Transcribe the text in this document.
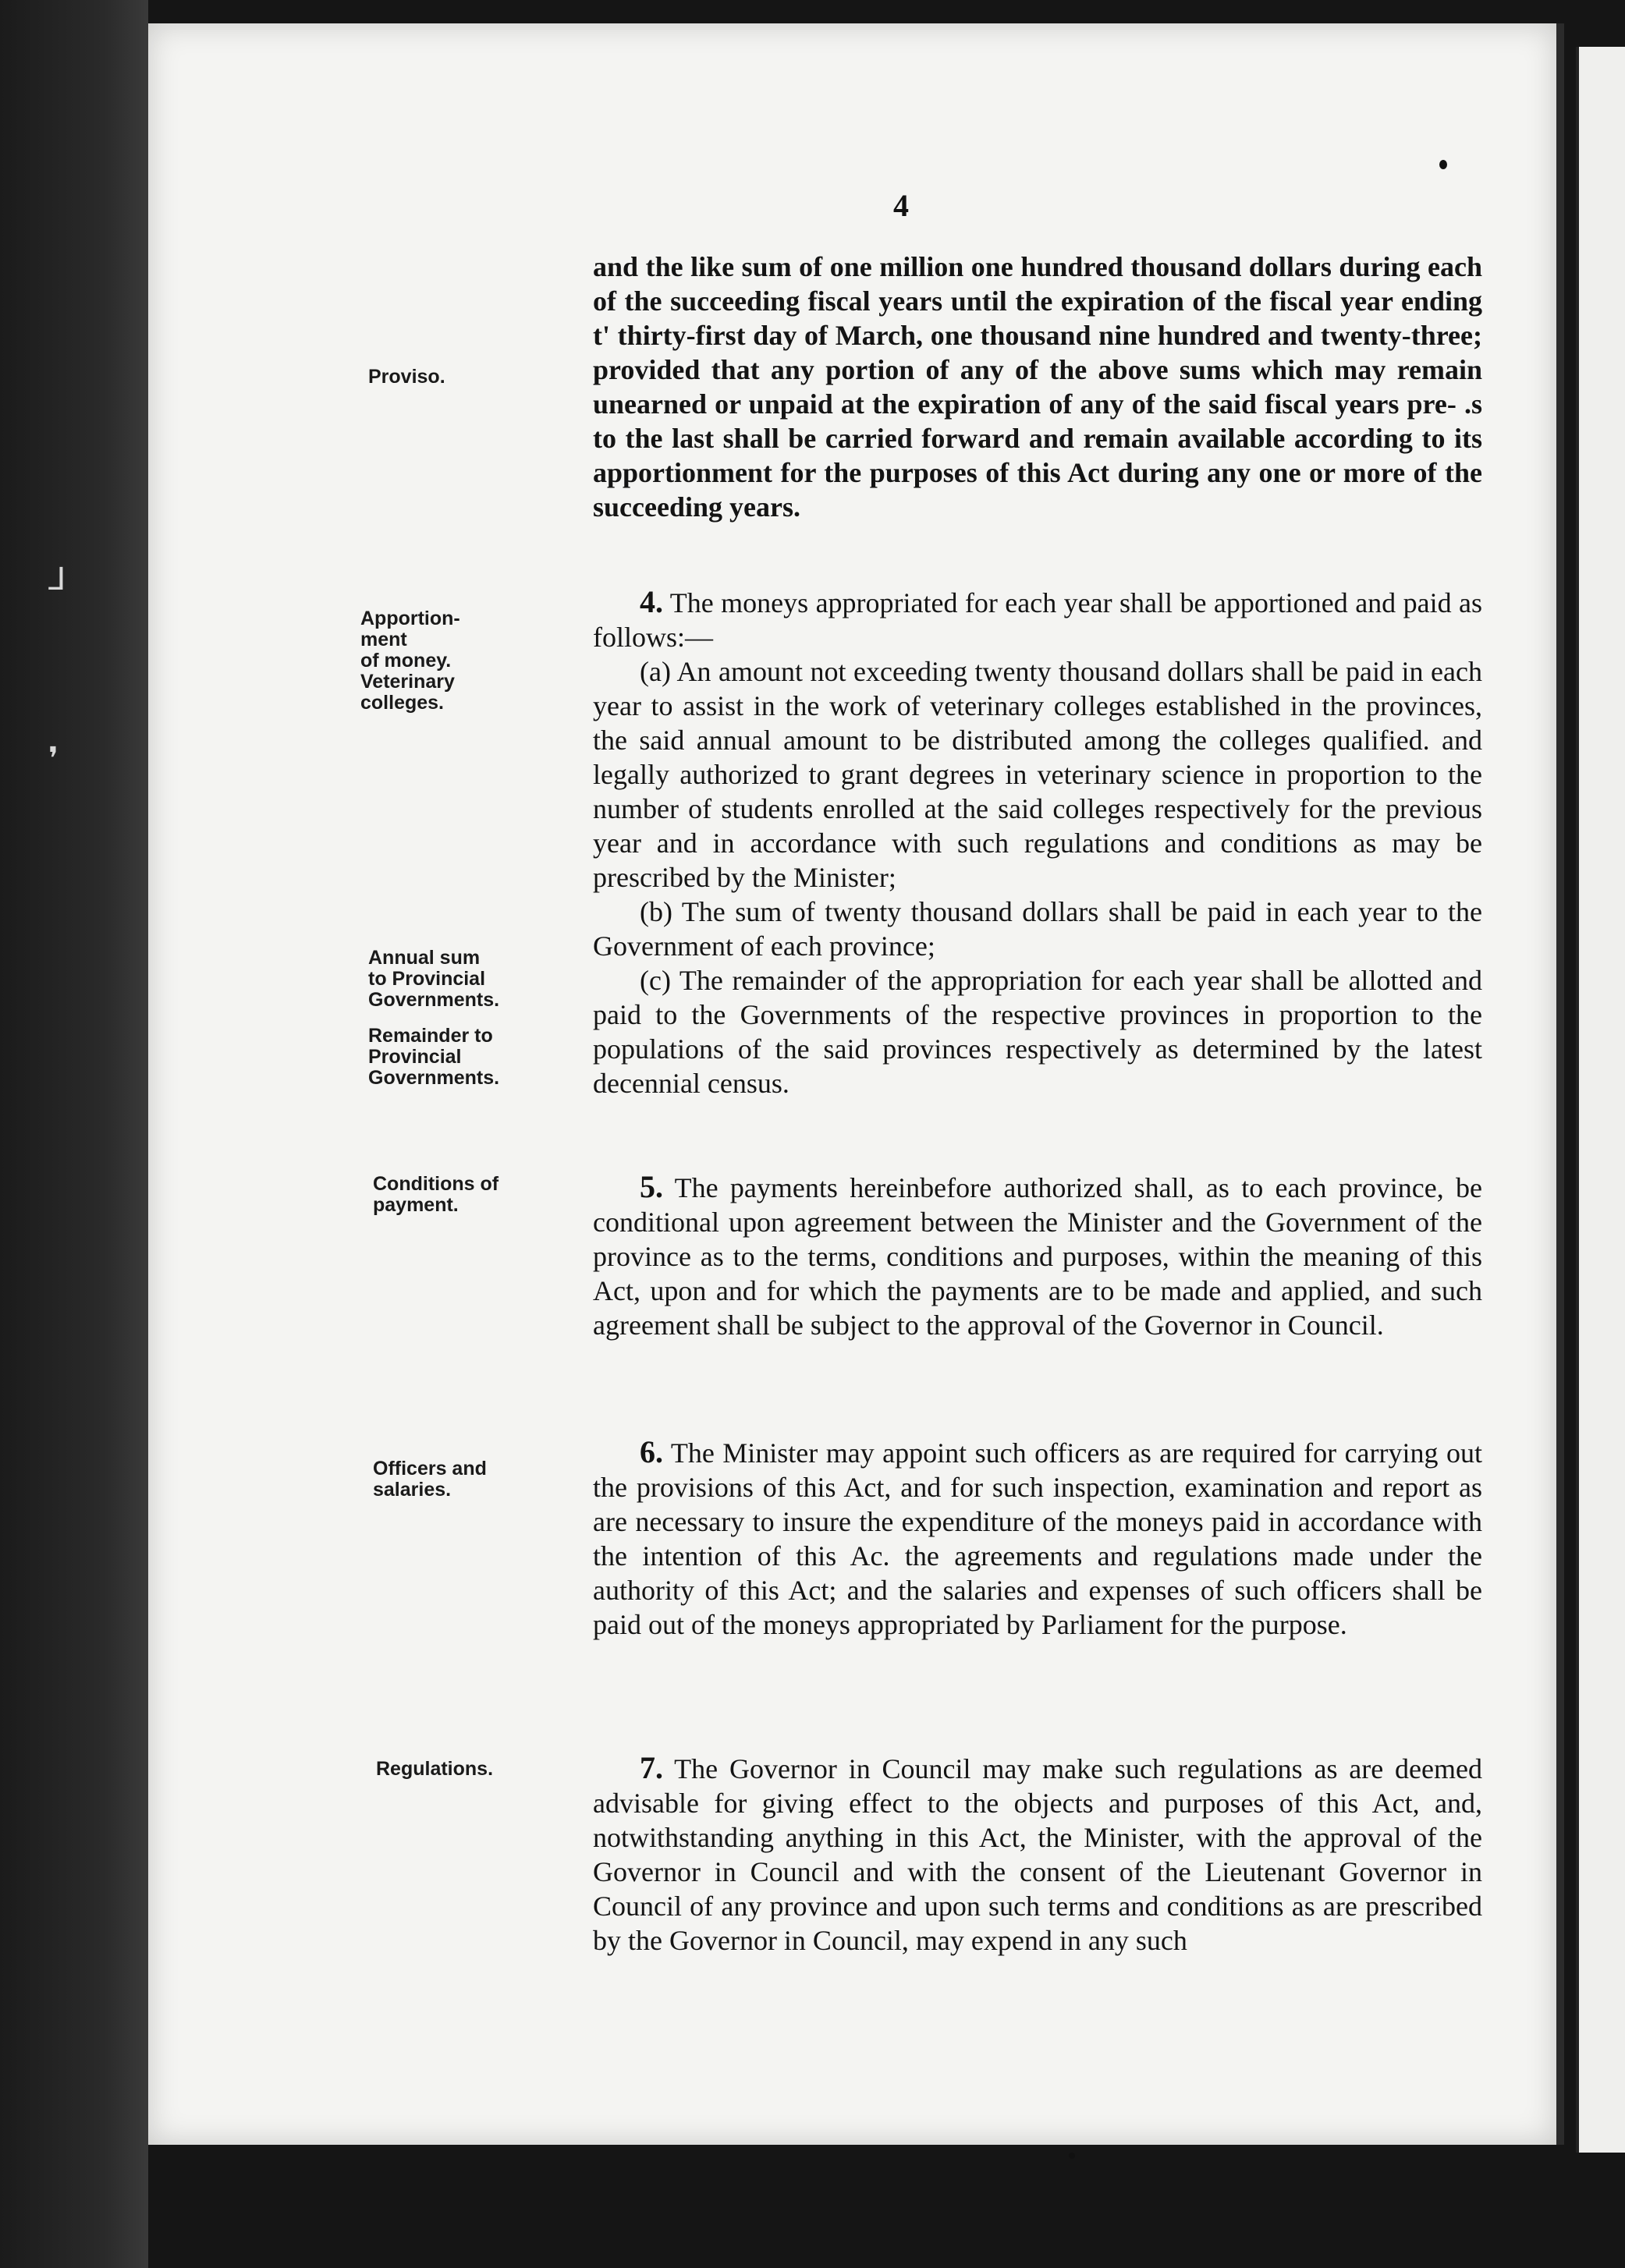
⅃
❜
4
Proviso.
Apportion-
ment
of money.
Veterinary
colleges.
Annual sum
to Provincial
Governments.
Remainder to
Provincial
Governments.
Conditions of
payment.
Officers and
salaries.
Regulations.

and the like sum of one million one hundred thousand dollars during each of the succeeding fiscal years until the expiration of the fiscal year ending t' thirty-first day of March, one thousand nine hundred and twenty-three; provided that any portion of any of the above sums which may remain unearned or unpaid at the expiration of any of the said fiscal years pre- .s to the last shall be carried forward and remain available according to its apportionment for the purposes of this Act during any one or more of the succeeding years.

4. The moneys appropriated for each year shall be apportioned and paid as follows:—

(a) An amount not exceeding twenty thousand dollars shall be paid in each year to assist in the work of veterinary colleges established in the provinces, the said annual amount to be distributed among the colleges qualified. and legally authorized to grant degrees in veterinary science in proportion to the number of students enrolled at the said colleges respectively for the previous year and in accordance with such regulations and conditions as may be prescribed by the Minister;

(b) The sum of twenty thousand dollars shall be paid in each year to the Government of each province;

(c) The remainder of the appropriation for each year shall be allotted and paid to the Governments of the respective provinces in proportion to the populations of the said provinces respectively as determined by the latest decennial census.

5. The payments hereinbefore authorized shall, as to each province, be conditional upon agreement between the Minister and the Government of the province as to the terms, conditions and purposes, within the meaning of this Act, upon and for which the payments are to be made and applied, and such agreement shall be subject to the approval of the Governor in Council.

6. The Minister may appoint such officers as are required for carrying out the provisions of this Act, and for such inspection, examination and report as are necessary to insure the expenditure of the moneys paid in accordance with the intention of this Ac. the agreements and regulations made under the authority of this Act; and the salaries and expenses of such officers shall be paid out of the moneys appropriated by Parliament for the purpose.

7. The Governor in Council may make such regulations as are deemed advisable for giving effect to the objects and purposes of this Act, and, notwithstanding anything in this Act, the Minister, with the approval of the Governor in Council and with the consent of the Lieutenant Governor in Council of any province and upon such terms and conditions as are prescribed by the Governor in Council, may expend in any such
